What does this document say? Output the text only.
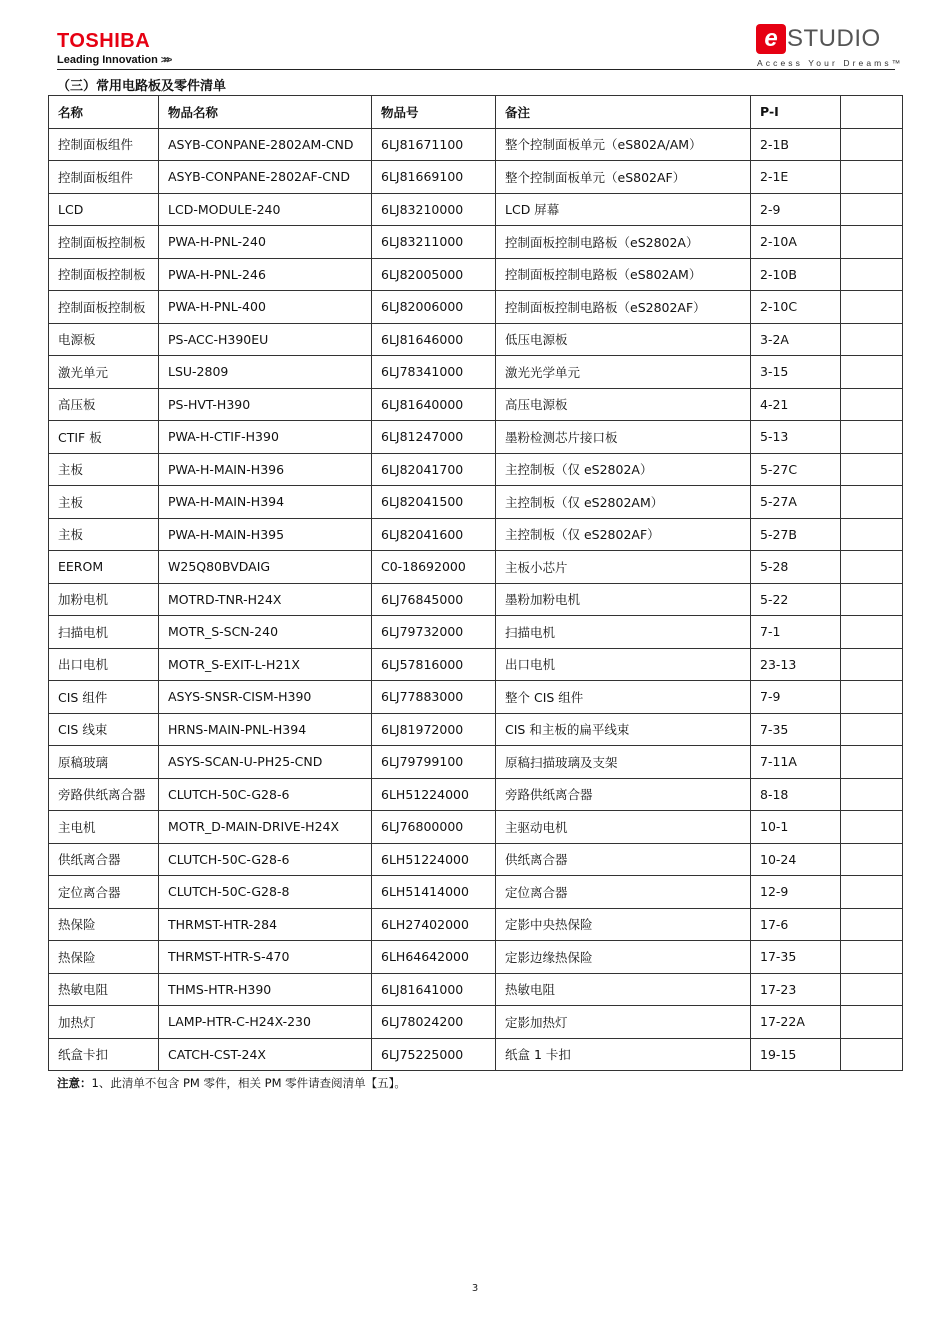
TOSHIBA
Leading Innovation >>>
e STUDIO
Access Your Dreams™
（三）常用电路板及零件清单
名称	物品名称	物品号	备注	P-I	
控制面板组件	ASYB-CONPANE-2802AM-CND	6LJ81671100	整个控制面板单元（eS802A/AM）	2-1B	
控制面板组件	ASYB-CONPANE-2802AF-CND	6LJ81669100	整个控制面板单元（eS802AF）	2-1E	
LCD	LCD-MODULE-240	6LJ83210000	LCD 屏幕	2-9	
控制面板控制板	PWA-H-PNL-240	6LJ83211000	控制面板控制电路板（eS2802A）	2-10A	
控制面板控制板	PWA-H-PNL-246	6LJ82005000	控制面板控制电路板（eS802AM）	2-10B	
控制面板控制板	PWA-H-PNL-400	6LJ82006000	控制面板控制电路板（eS2802AF）	2-10C	
电源板	PS-ACC-H390EU	6LJ81646000	低压电源板	3-2A	
激光单元	LSU-2809	6LJ78341000	激光光学单元	3-15	
高压板	PS-HVT-H390	6LJ81640000	高压电源板	4-21	
CTIF 板	PWA-H-CTIF-H390	6LJ81247000	墨粉检测芯片接口板	5-13	
主板	PWA-H-MAIN-H396	6LJ82041700	主控制板（仅 eS2802A）	5-27C	
主板	PWA-H-MAIN-H394	6LJ82041500	主控制板（仅 eS2802AM）	5-27A	
主板	PWA-H-MAIN-H395	6LJ82041600	主控制板（仅 eS2802AF）	5-27B	
EEROM	W25Q80BVDAIG	C0-18692000	主板小芯片	5-28	
加粉电机	MOTRD-TNR-H24X	6LJ76845000	墨粉加粉电机	5-22	
扫描电机	MOTR_S-SCN-240	6LJ79732000	扫描电机	7-1	
出口电机	MOTR_S-EXIT-L-H21X	6LJ57816000	出口电机	23-13	
CIS 组件	ASYS-SNSR-CISM-H390	6LJ77883000	整个 CIS 组件	7-9	
CIS 线束	HRNS-MAIN-PNL-H394	6LJ81972000	CIS 和主板的扁平线束	7-35	
原稿玻璃	ASYS-SCAN-U-PH25-CND	6LJ79799100	原稿扫描玻璃及支架	7-11A	
旁路供纸离合器	CLUTCH-50C-G28-6	6LH51224000	旁路供纸离合器	8-18	
主电机	MOTR_D-MAIN-DRIVE-H24X	6LJ76800000	主驱动电机	10-1	
供纸离合器	CLUTCH-50C-G28-6	6LH51224000	供纸离合器	10-24	
定位离合器	CLUTCH-50C-G28-8	6LH51414000	定位离合器	12-9	
热保险	THRMST-HTR-284	6LH27402000	定影中央热保险	17-6	
热保险	THRMST-HTR-S-470	6LH64642000	定影边缘热保险	17-35	
热敏电阻	THMS-HTR-H390	6LJ81641000	热敏电阻	17-23	
加热灯	LAMP-HTR-C-H24X-230	6LJ78024200	定影加热灯	17-22A	
纸盒卡扣	CATCH-CST-24X	6LJ75225000	纸盒 1 卡扣	19-15	
注意：1、此清单不包含 PM 零件，相关 PM 零件请查阅清单【五】。
3
